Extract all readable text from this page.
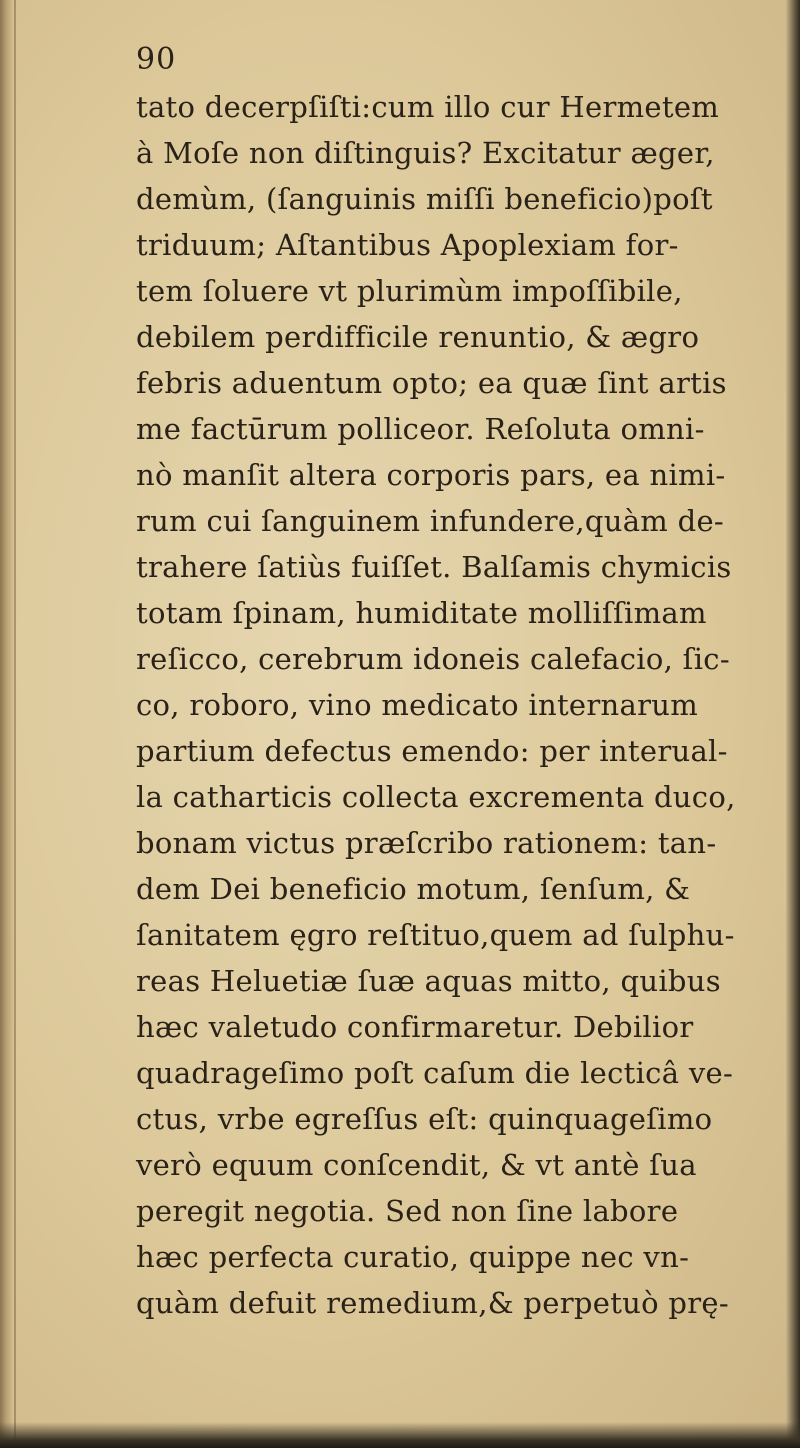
90
tato decerpſiſti:cum illo cur Hermetem
à Moſe non diſtinguis? Excitatur æger,
demùm, (ſanguinis miſſi beneficio)poſt
triduum; Aſtantibus Apoplexiam for-
tem ſoluere vt plurimùm impoſſibile,
debilem perdifficile renuntio, & ægro
febris aduentum opto; ea quæ ſint artis
me factūrum polliceor. Reſoluta omni-
nò manſit altera corporis pars, ea nimi-
rum cui ſanguinem infundere,quàm de-
trahere ſatiùs fuiſſet. Balſamis chymicis
totam ſpinam, humiditate molliſſimam
reſicco, cerebrum idoneis calefacio, ſic-
co, roboro, vino medicato internarum
partium defectus emendo: per interual-
la catharticis collecta excrementa duco,
bonam victus præſcribo rationem: tan-
dem Dei beneficio motum, ſenſum, &
ſanitatem ęgro reſtituo,quem ad ſulphu-
reas Heluetiæ ſuæ aquas mitto, quibus
hæc valetudo confirmaretur. Debilior
quadrageſimo poſt caſum die lecticâ ve-
ctus, vrbe egreſſus eſt: quinquageſimo
verò equum conſcendit, & vt antè ſua
peregit negotia. Sed non ſine labore
hæc perfecta curatio, quippe nec vn-
quàm defuit remedium,& perpetuò prę-
